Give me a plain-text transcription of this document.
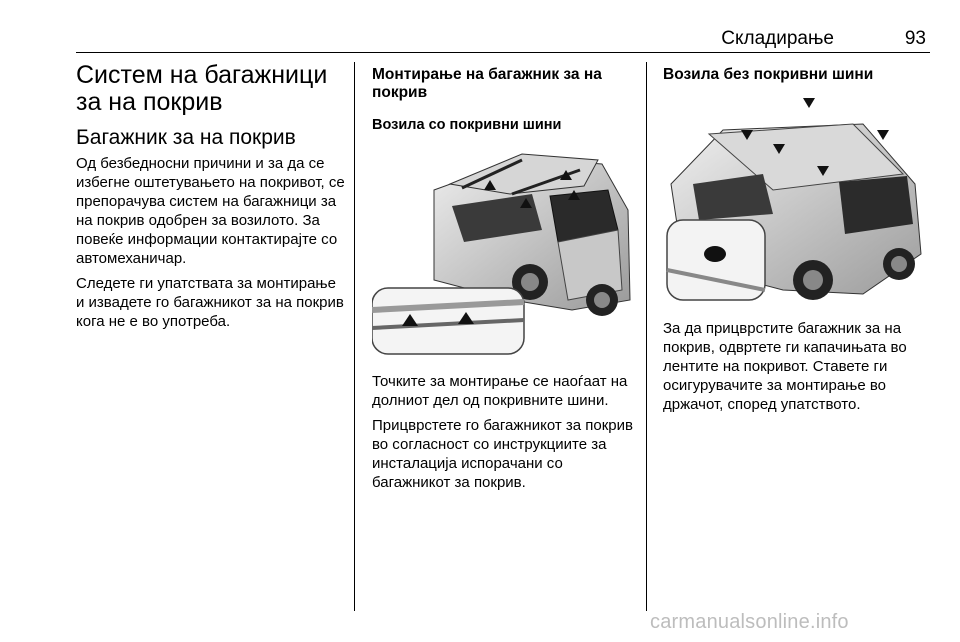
Складирање	93
Систем на багажници за на покрив
Багажник за на покрив

Од безбедносни причини и за да се избегне оштетувањето на покривот, се препорачува систем на багажници за на покрив одобрен за возилото. За повеќе информации контактирајте со автомеханичар.

Следете ги упатствата за монтирање и извадете го багажникот за на покрив кога не е во употреба.

Монтирање на багажник за на покрив
Возила со покривни шини

Точките за монтирање се наоѓаат на долниот дел од покривните шини.

Прицврстете го багажникот за покрив во согласност со инструкциите за инсталација испорачани со багажникот за покрив.

Возила без покривни шини

За да прицврстите багажник за на покрив, одвртете ги капачињата во лентите на покривот. Ставете ги осигурувачите за монтирање во држачот, според упатството.

carmanualsonline.info
